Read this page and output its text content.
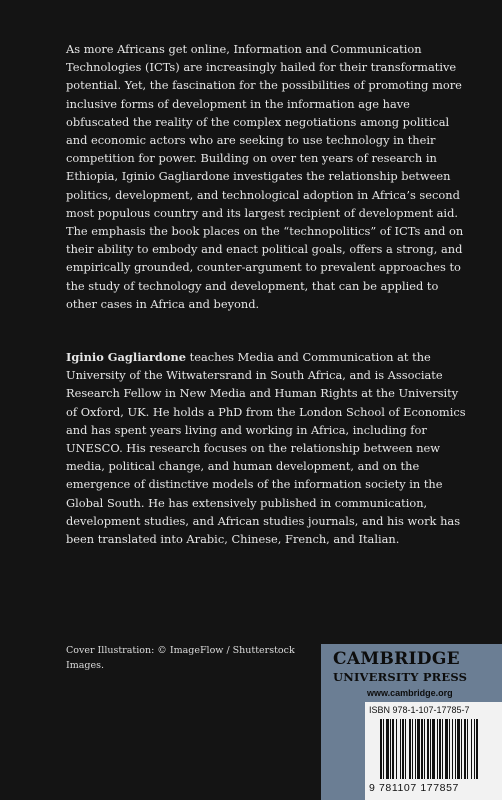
As more Africans get online, Information and Communication Technologies (ICTs) are increasingly hailed for their transformative potential. Yet, the fascination for the possibilities of promoting more inclusive forms of development in the information age have obfuscated the reality of the complex negotiations among political and economic actors who are seeking to use technology in their competition for power. Building on over ten years of research in Ethiopia, Iginio Gagliardone investigates the relationship between politics, development, and technological adoption in Africa’s second most populous country and its largest recipient of development aid. The emphasis the book places on the “technopolitics” of ICTs and on their ability to embody and enact political goals, offers a strong, and empirically grounded, counter-argument to prevalent approaches to the study of technology and development, that can be applied to other cases in Africa and beyond.

Iginio Gagliardone teaches Media and Communication at the University of the Witwatersrand in South Africa, and is Associate Research Fellow in New Media and Human Rights at the University of Oxford, UK. He holds a PhD from the London School of Economics and has spent years living and working in Africa, including for UNESCO. His research focuses on the relationship between new media, political change, and human development, and on the emergence of distinctive models of the information society in the Global South. He has extensively published in communication, development studies, and African studies journals, and his work has been translated into Arabic, Chinese, French, and Italian.

Cover Illustration: © ImageFlow / Shutterstock Images.	CAMBRIDGE
UNIVERSITY PRESS
www.cambridge.org
ISBN 978-1-107-17785-7
9 781107 177857
